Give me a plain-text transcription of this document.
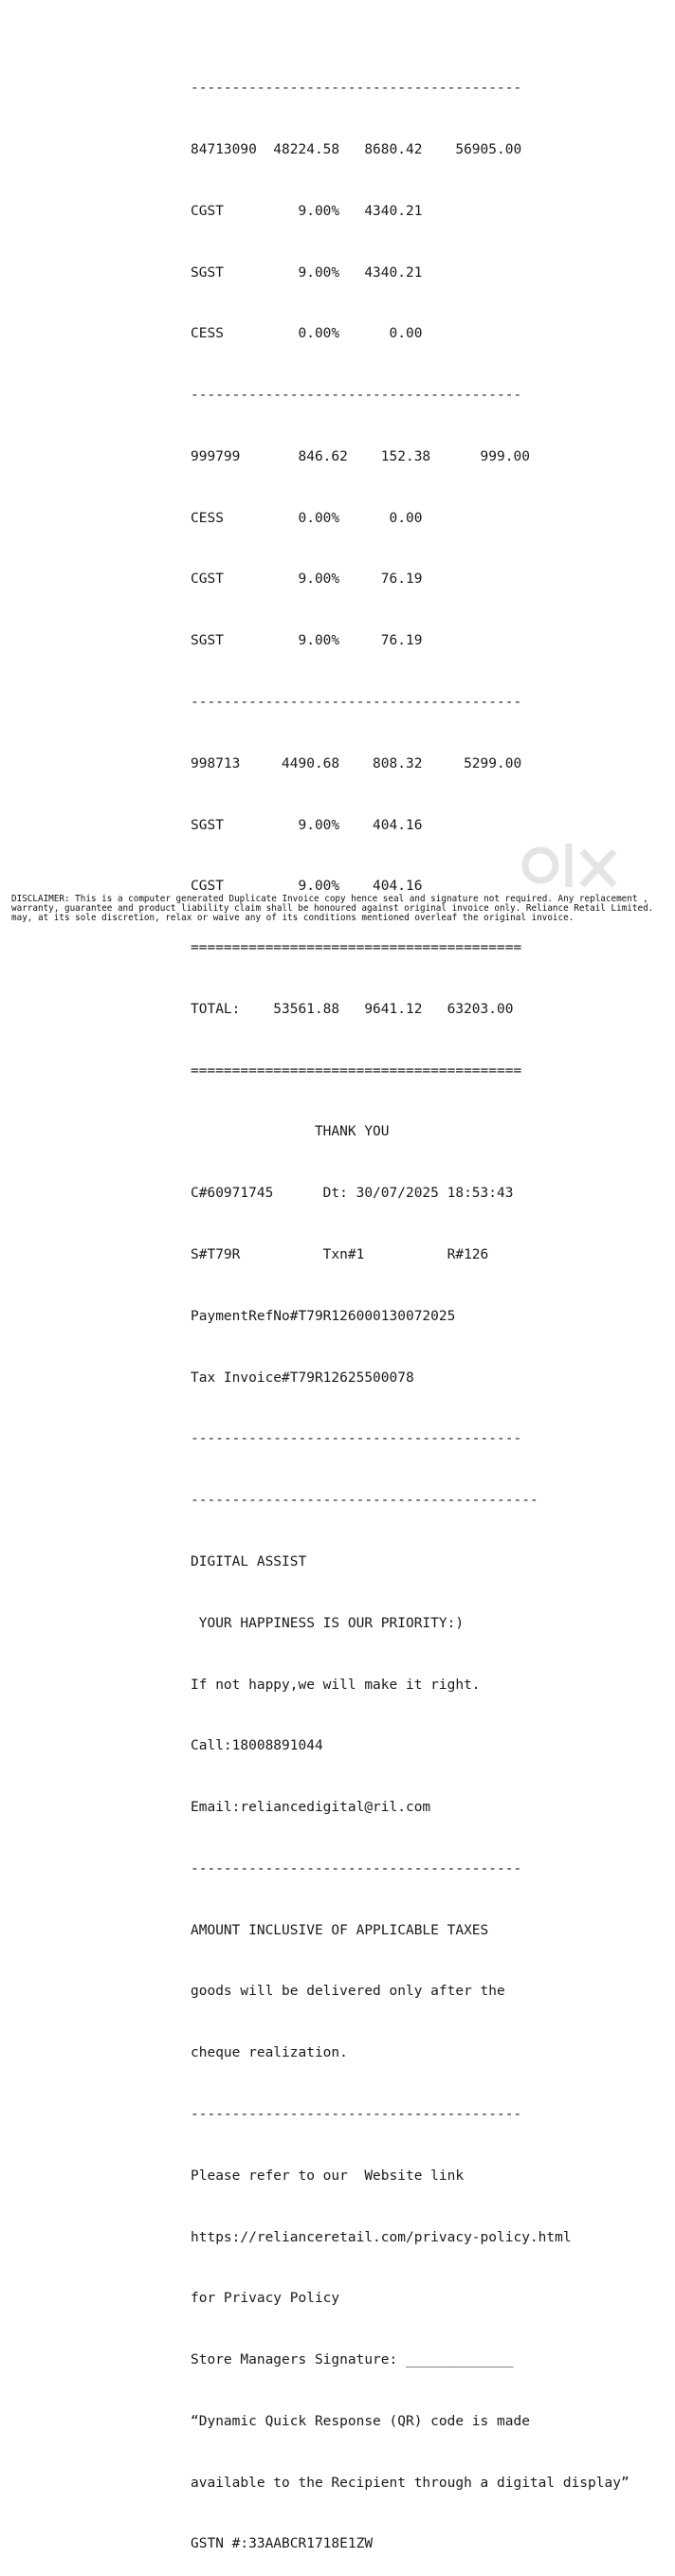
----------------------------------------

84713090  48224.58   8680.42    56905.00

CGST         9.00%   4340.21

SGST         9.00%   4340.21

CESS         0.00%      0.00

----------------------------------------

999799       846.62    152.38      999.00

CESS         0.00%      0.00

CGST         9.00%     76.19

SGST         9.00%     76.19

----------------------------------------

998713     4490.68    808.32     5299.00

SGST         9.00%    404.16

CGST         9.00%    404.16

========================================

TOTAL:    53561.88   9641.12   63203.00

========================================

THANK YOU

C#60971745      Dt: 30/07/2025 18:53:43

S#T79R          Txn#1          R#126

PaymentRefNo#T79R126000130072025

Tax Invoice#T79R12625500078

----------------------------------------

------------------------------------------

DIGITAL ASSIST

YOUR HAPPINESS IS OUR PRIORITY:)

If not happy,we will make it right.

Call:18008891044

Email:reliancedigital@ril.com

----------------------------------------

AMOUNT INCLUSIVE OF APPLICABLE TAXES

goods will be delivered only after the

cheque realization.

----------------------------------------

Please refer to our  Website link

https://relianceretail.com/privacy-policy.html

for Privacy Policy

Store Managers Signature: _____________

“Dynamic Quick Response (QR) code is made

available to the Recipient through a digital display”

GSTN #:33AABCR1718E1ZW

DISCLAIMER: This is a computer generated Duplicate Invoice copy hence seal and signature not required. Any replacement ,
warranty, guarantee and product liability claim shall be honoured against original invoice only. Reliance Retail Limited.
may, at its sole discretion, relax or waive any of its conditions mentioned overleaf the original invoice.
